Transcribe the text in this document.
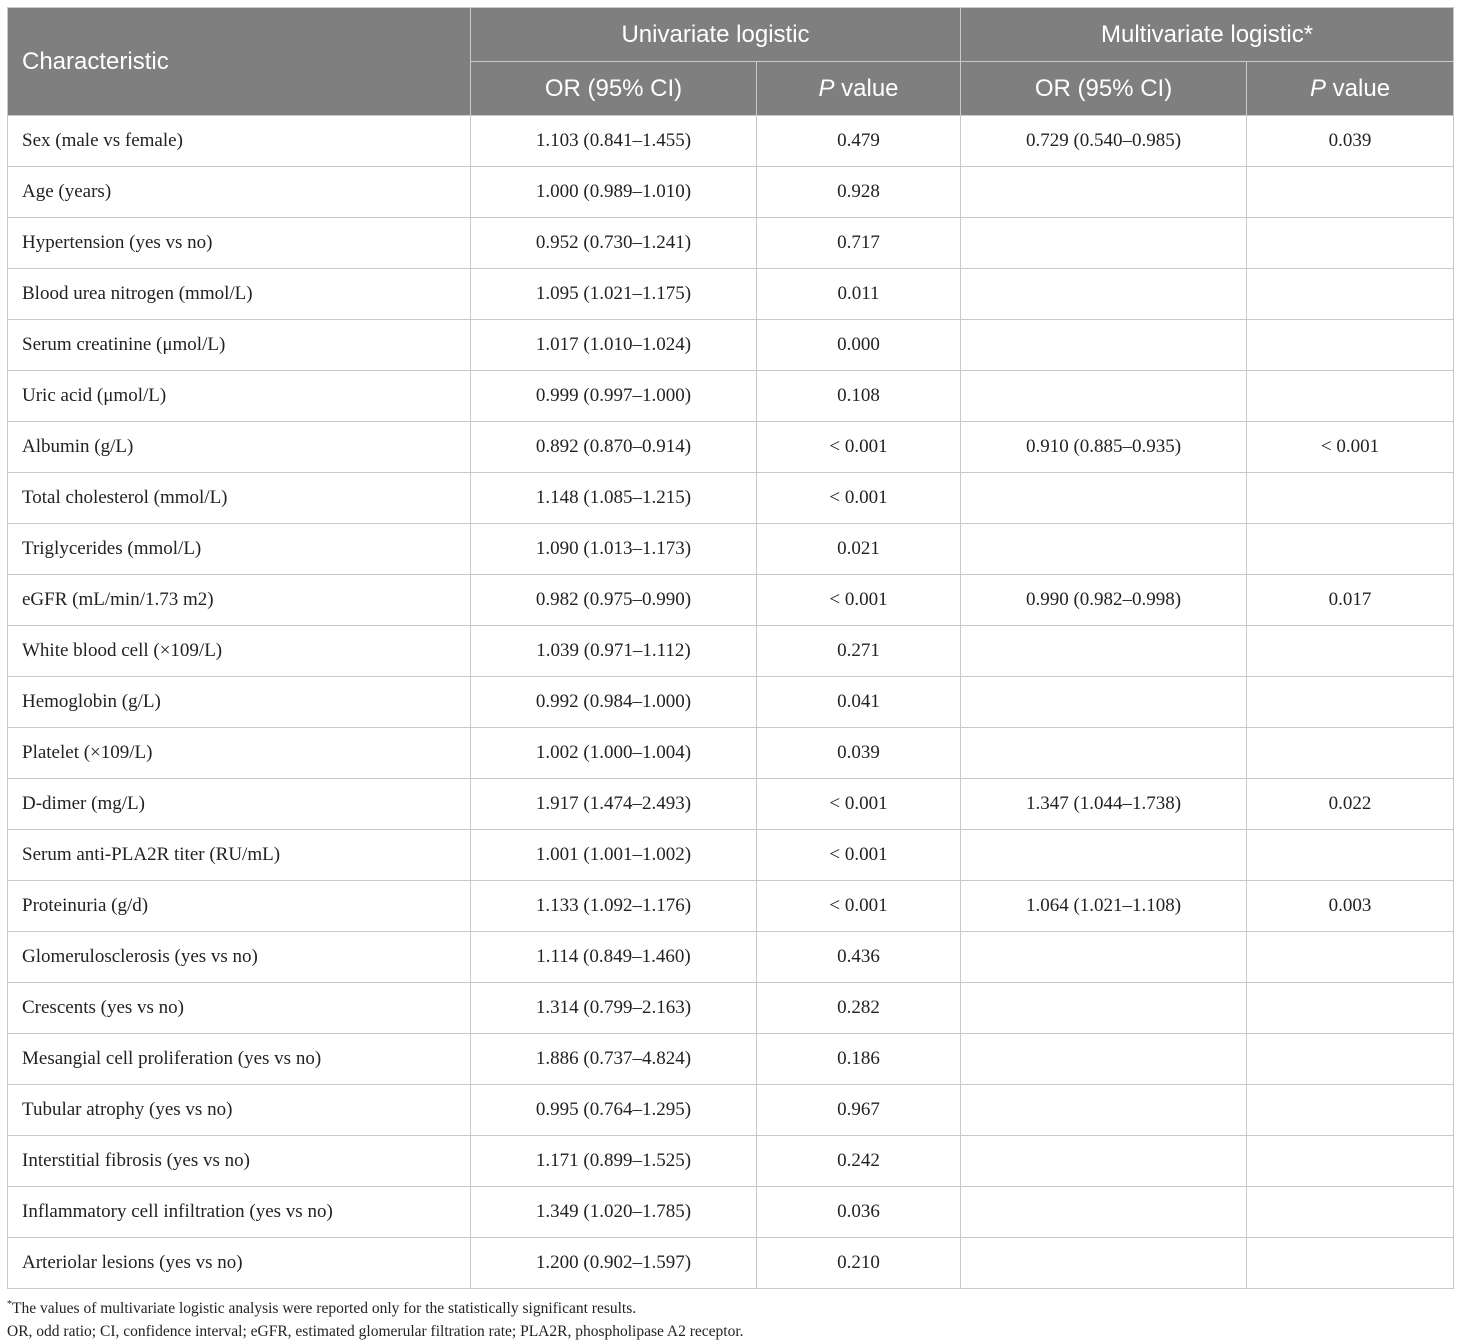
Characteristic	Univariate logistic		Multivariate logistic*	
	OR (95% CI)	P value	OR (95% CI)	P value
Sex (male vs female)	1.103 (0.841–1.455)	0.479	0.729 (0.540–0.985)	0.039
Age (years)	1.000 (0.989–1.010)	0.928		
Hypertension (yes vs no)	0.952 (0.730–1.241)	0.717		
Blood urea nitrogen (mmol/L)	1.095 (1.021–1.175)	0.011		
Serum creatinine (μmol/L)	1.017 (1.010–1.024)	0.000		
Uric acid (μmol/L)	0.999 (0.997–1.000)	0.108		
Albumin (g/L)	0.892 (0.870–0.914)	< 0.001	0.910 (0.885–0.935)	< 0.001
Total cholesterol (mmol/L)	1.148 (1.085–1.215)	< 0.001		
Triglycerides (mmol/L)	1.090 (1.013–1.173)	0.021		
eGFR (mL/min/1.73 m2)	0.982 (0.975–0.990)	< 0.001	0.990 (0.982–0.998)	0.017
White blood cell (×109/L)	1.039 (0.971–1.112)	0.271		
Hemoglobin (g/L)	0.992 (0.984–1.000)	0.041		
Platelet (×109/L)	1.002 (1.000–1.004)	0.039		
D-dimer (mg/L)	1.917 (1.474–2.493)	< 0.001	1.347 (1.044–1.738)	0.022
Serum anti-PLA2R titer (RU/mL)	1.001 (1.001–1.002)	< 0.001		
Proteinuria (g/d)	1.133 (1.092–1.176)	< 0.001	1.064 (1.021–1.108)	0.003
Glomerulosclerosis (yes vs no)	1.114 (0.849–1.460)	0.436		
Crescents (yes vs no)	1.314 (0.799–2.163)	0.282		
Mesangial cell proliferation (yes vs no)	1.886 (0.737–4.824)	0.186		
Tubular atrophy (yes vs no)	0.995 (0.764–1.295)	0.967		
Interstitial fibrosis (yes vs no)	1.171 (0.899–1.525)	0.242		
Inflammatory cell infiltration (yes vs no)	1.349 (1.020–1.785)	0.036		
Arteriolar lesions (yes vs no)	1.200 (0.902–1.597)	0.210		
*The values of multivariate logistic analysis were reported only for the statistically significant results.
OR, odd ratio; CI, confidence interval; eGFR, estimated glomerular filtration rate; PLA2R, phospholipase A2 receptor.
